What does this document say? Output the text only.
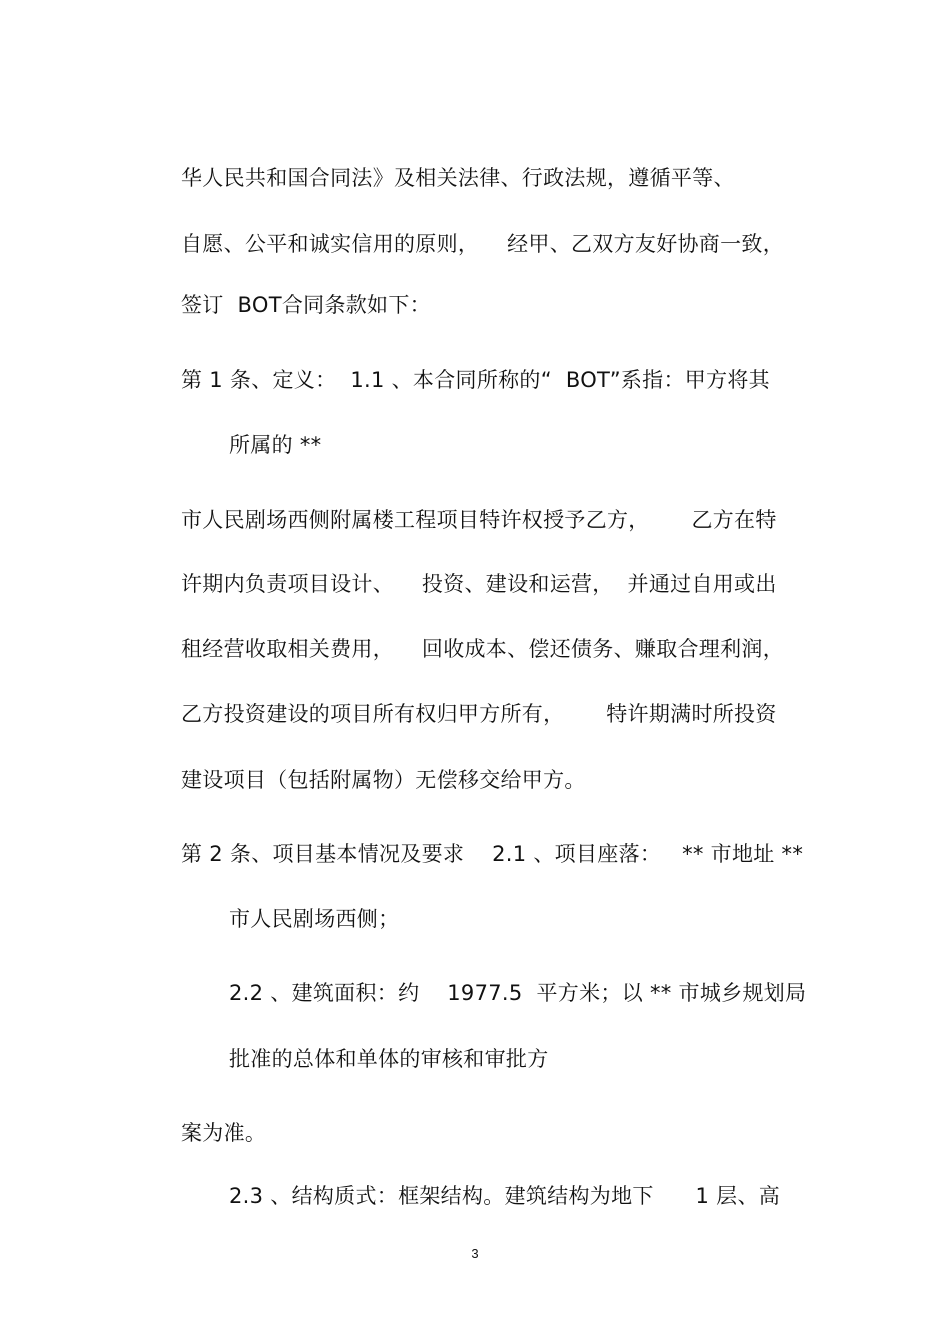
华人民共和国合同法》及相关法律、行政法规，遵循平等、
自愿、公平和诚实信用的原则，    经甲、乙双方友好协商一致，
签订  BOT合同条款如下：
第 1 条、定义：  1.1 、本合同所称的“  BOT”系指：甲方将其
所属的 **
市人民剧场西侧附属楼工程项目特许权授予乙方，      乙方在特
许期内负责项目设计、    投资、建设和运营，  并通过自用或出
租经营收取相关费用，    回收成本、偿还债务、赚取合理利润，
乙方投资建设的项目所有权归甲方所有，      特许期满时所投资
建设项目（包括附属物）无偿移交给甲方。
第 2 条、项目基本情况及要求    2.1 、项目座落：   ** 市地址 **
市人民剧场西侧；
2.2 、建筑面积：约    1977.5  平方米；以 ** 市城乡规划局
批准的总体和单体的审核和审批方
案为准。
2.3 、结构质式：框架结构。建筑结构为地下      1 层、高
3
